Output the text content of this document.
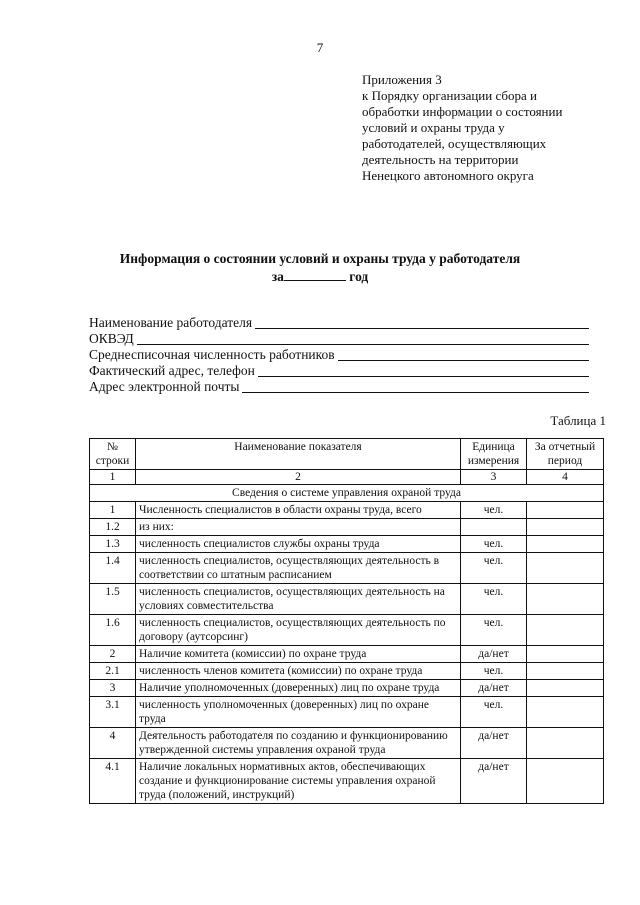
7
Приложения 3
к Порядку организации сбора и
обработки информации о состоянии
условий и охраны труда у
работодателей, осуществляющих
деятельность на территории
Ненецкого автономного округа
Информация о состоянии условий и охраны труда у работодателя
за	год
Наименование работодателя
ОКВЭД
Среднесписочная численность работников
Фактический адрес, телефон
Адрес электронной почты
Таблица 1
№ строки	Наименование показателя	Единица измерения	За отчетный период
1	2	3	4
Сведения о системе управления охраной труда			
1	Численность специалистов в области охраны труда, всего	чел.	
1.2	из них:		
1.3	численность специалистов службы охраны труда	чел.	
1.4	численность специалистов, осуществляющих деятельность в соответствии со штатным расписанием	чел.	
1.5	численность специалистов, осуществляющих деятельность на условиях совместительства	чел.	
1.6	численность специалистов, осуществляющих деятельность по договору (аутсорсинг)	чел.	
2	Наличие комитета (комиссии) по охране труда	да/нет	
2.1	численность членов комитета (комиссии) по охране труда	чел.	
3	Наличие уполномоченных (доверенных) лиц по охране труда	да/нет	
3.1	численность уполномоченных (доверенных) лиц по охране труда	чел.	
4	Деятельность работодателя по созданию и функционированию утвержденной системы управления охраной труда	да/нет	
4.1	Наличие локальных нормативных актов, обеспечивающих создание и функционирование системы управления охраной труда (положений, инструкций)	да/нет	
